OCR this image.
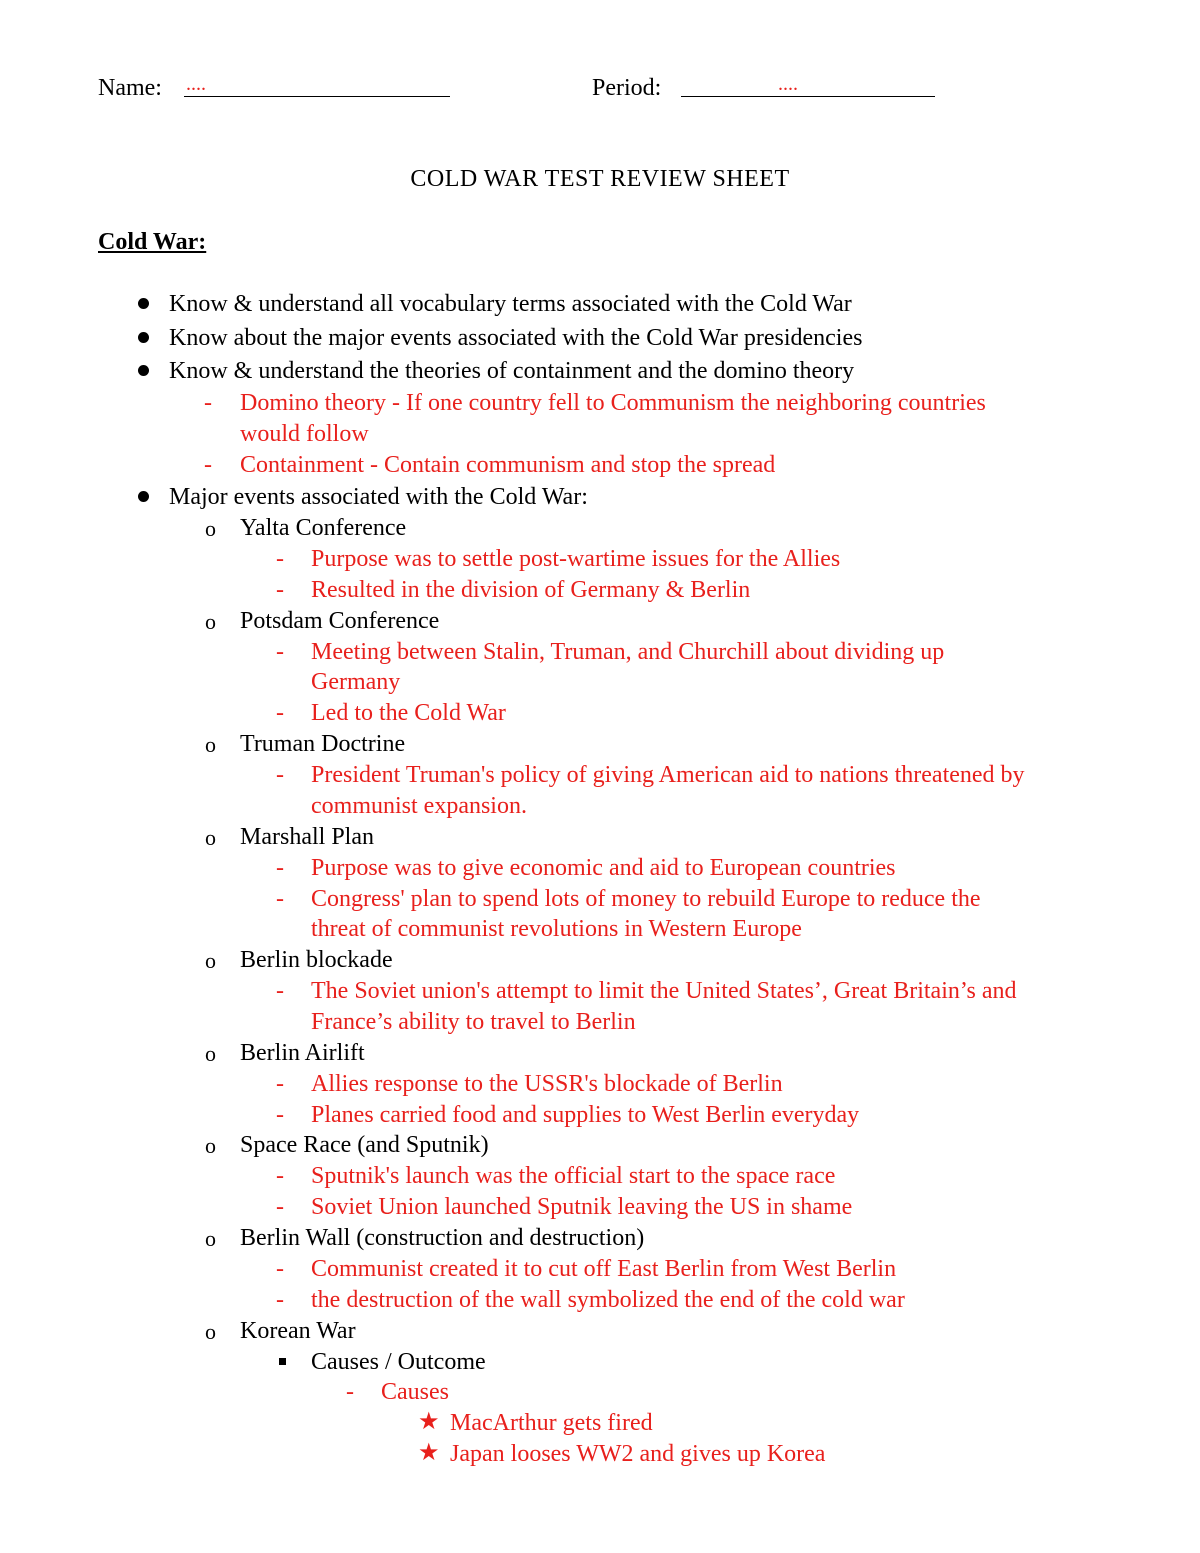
Name: ....	Period:	....
COLD WAR TEST REVIEW SHEET
Cold War:
Know & understand all vocabulary terms associated with the Cold War
Know about the major events associated with the Cold War presidencies
Know & understand the theories of containment and the domino theory
- Domino theory - If one country fell to Communism the neighboring countries
would follow
- Containment - Contain communism and stop the spread
Major events associated with the Cold War:
o Yalta Conference
- Purpose was to settle post-wartime issues for the Allies
- Resulted in the division of Germany & Berlin
o Potsdam Conference
- Meeting between Stalin, Truman, and Churchill about dividing up
Germany
- Led to the Cold War
o Truman Doctrine
- President Truman's policy of giving American aid to nations threatened by
communist expansion.
o Marshall Plan
- Purpose was to give economic and aid to European countries
- Congress' plan to spend lots of money to rebuild Europe to reduce the
threat of communist revolutions in Western Europe
o Berlin blockade
- The Soviet union's attempt to limit the United States’, Great Britain’s and
France’s ability to travel to Berlin
o Berlin Airlift
- Allies response to the USSR's blockade of Berlin
- Planes carried food and supplies to West Berlin everyday
o Space Race (and Sputnik)
- Sputnik's launch was the official start to the space race
- Soviet Union launched Sputnik leaving the US in shame
o Berlin Wall (construction and destruction)
- Communist created it to cut off East Berlin from West Berlin
- the destruction of the wall symbolized the end of the cold war
o Korean War
Causes / Outcome
- Causes
★ MacArthur gets fired
★ Japan looses WW2 and gives up Korea
